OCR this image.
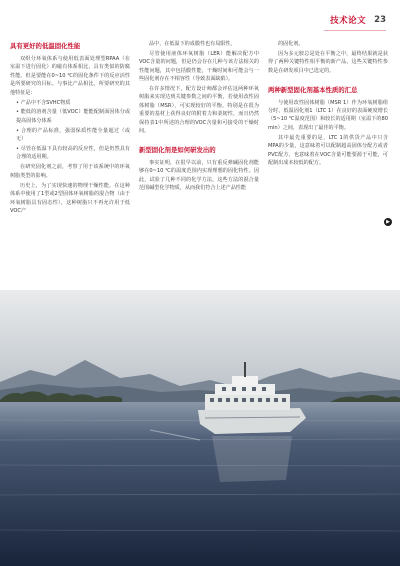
技术论文 23
具有更好的低温固化性能

双组分环氧体系与使用低表面处理型RPAA（在室温下进行固化）的磁有体系相比，具有类似的防腐性能。但是要能在0~10 ℃的固化条件下的反应活性是所要研究的目标。与事比产品相比，所要研究的其他特征是：

• 产品中不含SVHC物质

• 能低的溶剂含量（低VOC）能能配制面因体分或提高固体分体系

• 合理的产品标准，强弱保质性能全量超过（或无）

• 尽管在低温下具有较高的反应性，但是仍然具有合理的适用期。

在研究固化剂之前，考察了用于该系统中的环氧树脂类型的影响。

历史上，为了实现快速的物理干燥性能，在这种体系中使用了1型或2型固体环氧树脂的混合物（由于环氧树脂具有固态性），这种树脂只不再允许用于低VOC产

品中，在低温下的成膜性也有局限性。

尽管使用液体环氧树脂（LER）能解决配方中VOC含量的问题，但是仍会存在几种与该方法相关的性能问题，其中包括膜性能，干燥时间和可能会与一些固化剂存在不相容性（导致表面缺陷）。

在许多情况下，配方设计师都会评估这两种环氧树脂来实现达到关键参数之间的平衡，若使用改性固体树脂（MSR），可实现较好的平衡，特别是在很为重要的基材上获得良好的附着力和柔韧性，而且仍然保持表1中所述的合理的VOC含量和可接受的干燥时间。

新型固化剂是如何研发出的

事实证明，在很早以前，只有重反弹碱固化剂能够在0~10 ℃的温度范围内实现理想的固化特性。因此，试验了几种不同的化学方法，这些方法的混合量范围碱型化学物质，从而我们符合上述产品性能

的固化剂。

因为多元胺总是处在平衡之中，最终结果就是获得了两种关键特性相平衡的新产品，这些关键特性参数是在研发项目中已选定的。

两种新型固化剂基本性质的汇总

与使用改性固体树脂（MSR 1）作为环氧树脂组分时，低温固化剂1（LTC 1）在良好的表面硬度增长（5~10 ℃温度范围）和较长的适用期（室温下的80 min）之间，表现出了最佳的平衡。

其中最先重要的是，LTC 1的供货产品中只含MPA的少量，这意味着可以配制超高固体分配方或者PVC配方，也意味着在VOC含量可能要源于可能，可配制出成本较低的配方。

▶
